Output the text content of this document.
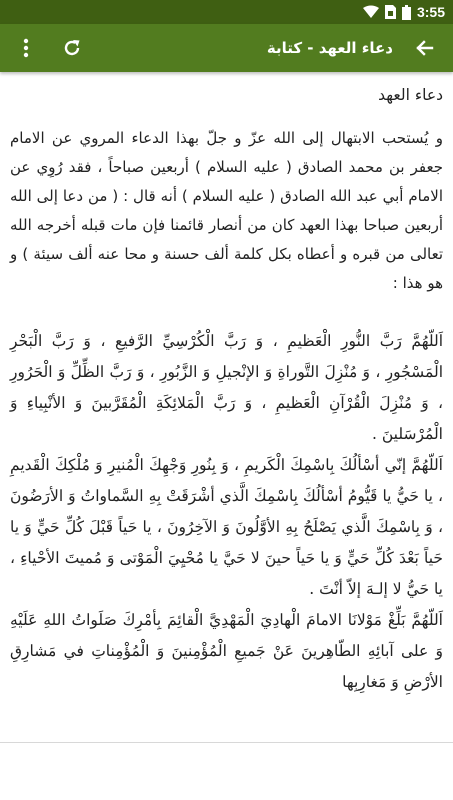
3:55
دعاء العهد - كتابة
دعاء العهد

و يُستحب الابتهال إلى الله عزّ و جلّ بهذا الدعاء المروي عن الامام جعفر بن محمد الصادق ( عليه السلام ) أربعين صباحاً ، فقد رُوِي عن الامام أبي عبد الله الصادق ( عليه السلام ) أنه قال : ( من دعا إلى الله أربعين صباحا بهذا العهد كان من أنصار قائمنا فإن مات قبله أخرجه الله تعالى من قبره و أعطاه بكل كلمة ألف حسنة و محا عنه ألف سيئة ) و هو هذا :

اَللّهُمَّ رَبَّ النُّورِ الْعَظيمِ ، وَ رَبَّ الْكُرْسِيِّ الرَّفيعِ ، وَ رَبَّ الْبَحْرِ الْمَسْجُورِ ، وَ مُنْزِلَ التَّوراةِ وَ الإنْجيلِ وَ الزَّبُورِ ، وَ رَبَّ الظِّلِّ وَ الْحَرُورِ ، وَ مُنْزِلَ الْقُرْآنِ الْعَظيمِ ، وَ رَبَّ الْمَلائِكَةِ الْمُقَرَّبينَ وَ الأنْبِياءِ وَ الْمُرْسَلينَ .

اَللّهُمَّ إنّي أسْألُكَ بِاسْمِكَ الْكَريمِ ، وَ بِنُورِ وَجْهِكَ الْمُنيرِ وَ مُلْكِكَ الْقَديمِ ، يا حَيُّ يا قَيُّومُ أسْألُكَ بِاسْمِكَ الَّذي أشْرَقَتْ بِهِ السَّماواتُ وَ الأرَضُونَ ، وَ بِاسْمِكَ الَّذي يَصْلَحُ بِهِ الأوَّلُونَ وَ الآخِرُونَ ، يا حَياً قَبْلَ كُلِّ حَيٍّ وَ يا حَياً بَعْدَ كُلِّ حَيٍّ وَ يا حَياً حينَ لا حَيَّ يا مُحْيِيَ الْمَوْتى وَ مُميتَ الأحْياءِ ، يا حَيُّ لا إلـهَ إلاّ أنْتَ .

اَللّهُمَّ بَلِّغْ مَوْلانَا الامامَ الْهادِيَ الْمَهْدِيَّ الْقائِمَ بِأمْرِكَ صَلَواتُ اللهِ عَلَيْهِ وَ على آبائِهِ الطّاهِرينَ عَنْ جَميعِ الْمُؤْمِنينَ وَ الْمُؤْمِناتِ في مَشارِقِ الأرْضِ وَ مَغارِبِها
